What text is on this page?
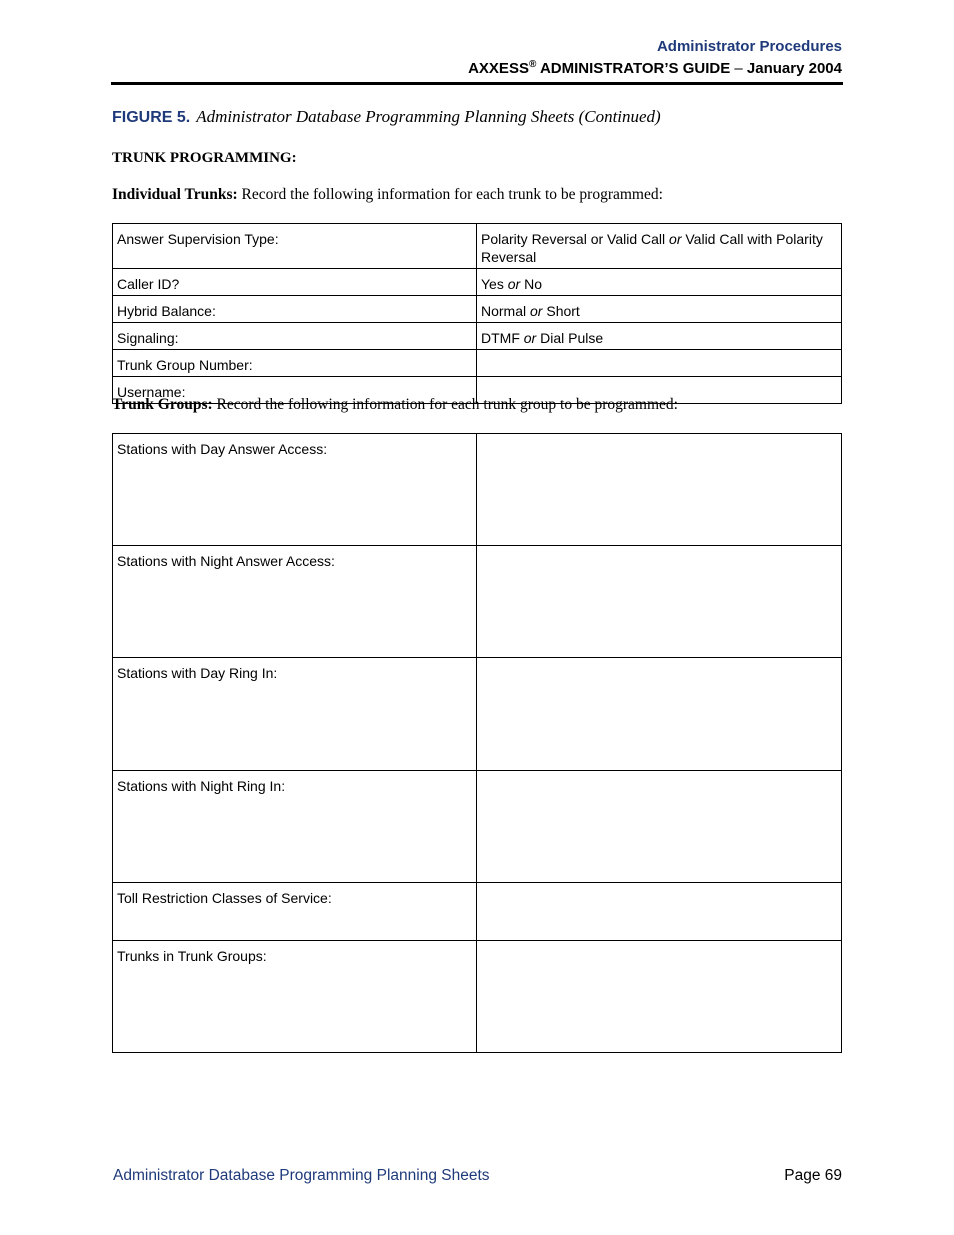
Administrator Procedures
AXXESS® ADMINISTRATOR’S GUIDE – January 2004
FIGURE 5. Administrator Database Programming Planning Sheets (Continued)
TRUNK PROGRAMMING:
Individual Trunks: Record the following information for each trunk to be programmed:
Answer Supervision Type:	Polarity Reversal or Valid Call or Valid Call with Polarity Reversal
Caller ID?	Yes or No
Hybrid Balance:	Normal or Short
Signaling:	DTMF or Dial Pulse
Trunk Group Number:	
Username:	
Trunk Groups: Record the following information for each trunk group to be programmed:
Stations with Day Answer Access:	
Stations with Night Answer Access:	
Stations with Day Ring In:	
Stations with Night Ring In:	
Toll Restriction Classes of Service:	
Trunks in Trunk Groups:	
Administrator Database Programming Planning Sheets	Page 69
